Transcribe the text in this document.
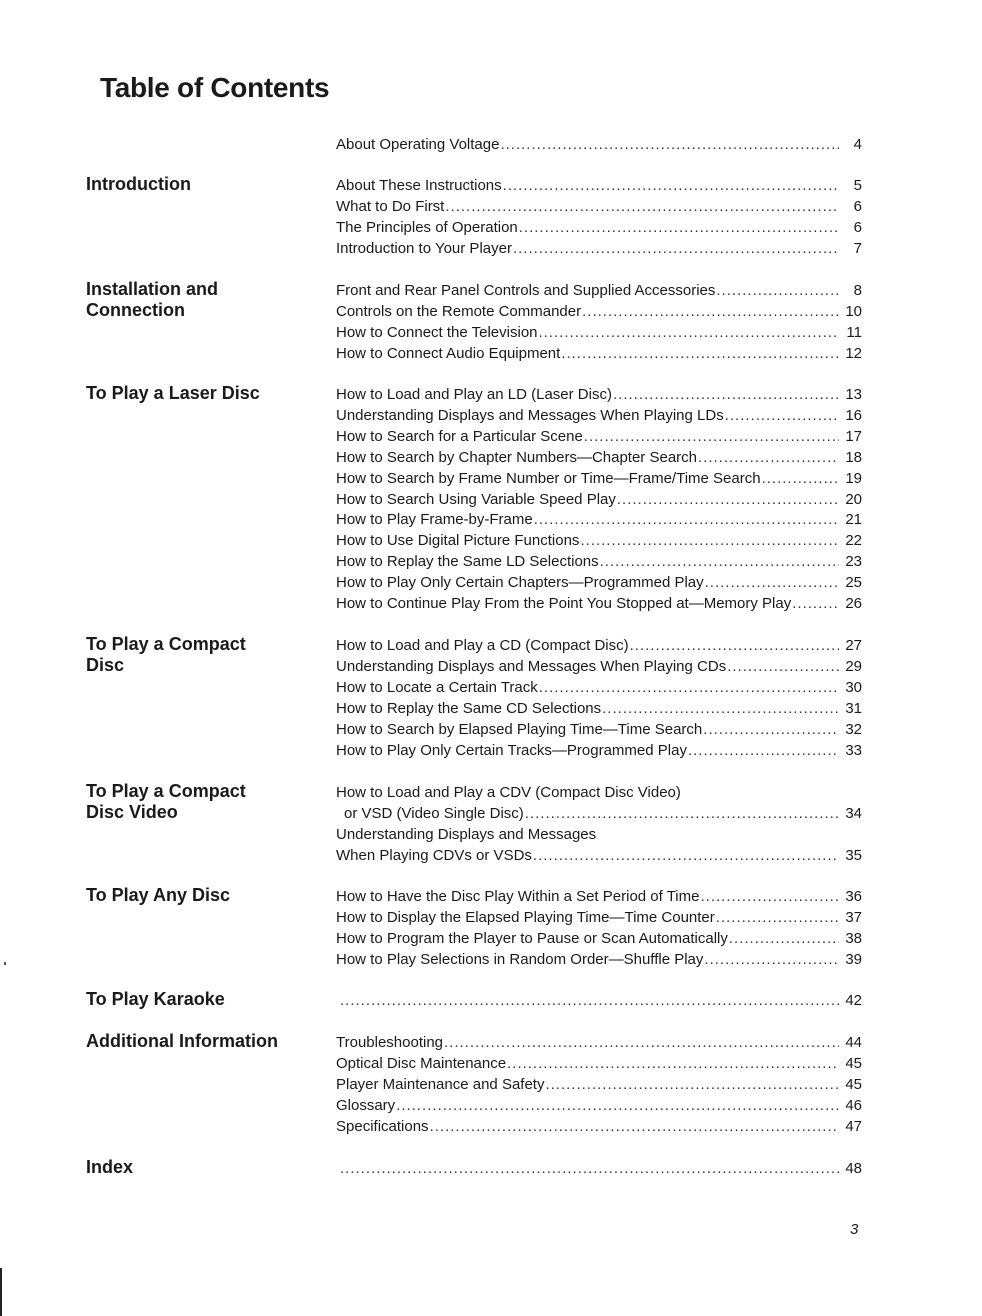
Table of Contents
About Operating Voltage .....	4
Introduction	About These Instructions .....	5
What to Do First .....	6
The Principles of Operation .....	6
Introduction to Your Player .....	7
Installation and
Connection
Front and Rear Panel Controls and Supplied Accessories .....	8
Controls on the Remote Commander .....	10
How to Connect the Television .....	11
How to Connect Audio Equipment .....	12
To Play a Laser Disc	How to Load and Play an LD (Laser Disc) .....	13
Understanding Displays and Messages When Playing LDs .....	16
How to Search for a Particular Scene .....	17
How to Search by Chapter Numbers—Chapter Search .....	18
How to Search by Frame Number or Time—Frame/Time Search .....	19
How to Search Using Variable Speed Play .....	20
How to Play Frame-by-Frame .....	21
How to Use Digital Picture Functions .....	22
How to Replay the Same LD Selections .....	23
How to Play Only Certain Chapters—Programmed Play .....	25
How to Continue Play From the Point You Stopped at—Memory Play .....	26
To Play a Compact
Disc
How to Load and Play a CD (Compact Disc) .....	27
Understanding Displays and Messages When Playing CDs .....	29
How to Locate a Certain Track .....	30
How to Replay the Same CD Selections .....	31
How to Search by Elapsed Playing Time—Time Search .....	32
How to Play Only Certain Tracks—Programmed Play .....	33
To Play a Compact
Disc Video
How to Load and Play a CDV (Compact Disc Video)
or VSD (Video Single Disc) .....	34
Understanding Displays and Messages
When Playing CDVs or VSDs .....	35
To Play Any Disc	How to Have the Disc Play Within a Set Period of Time .....	36
How to Display the Elapsed Playing Time—Time Counter .....	37
How to Program the Player to Pause or Scan Automatically .....	38
How to Play Selections in Random Order—Shuffle Play .....	39
To Play Karaoke .....	42
Additional Information	Troubleshooting .....	44
Optical Disc Maintenance .....	45
Player Maintenance and Safety .....	45
Glossary .....	46
Specifications .....	47
Index .....	48
3
